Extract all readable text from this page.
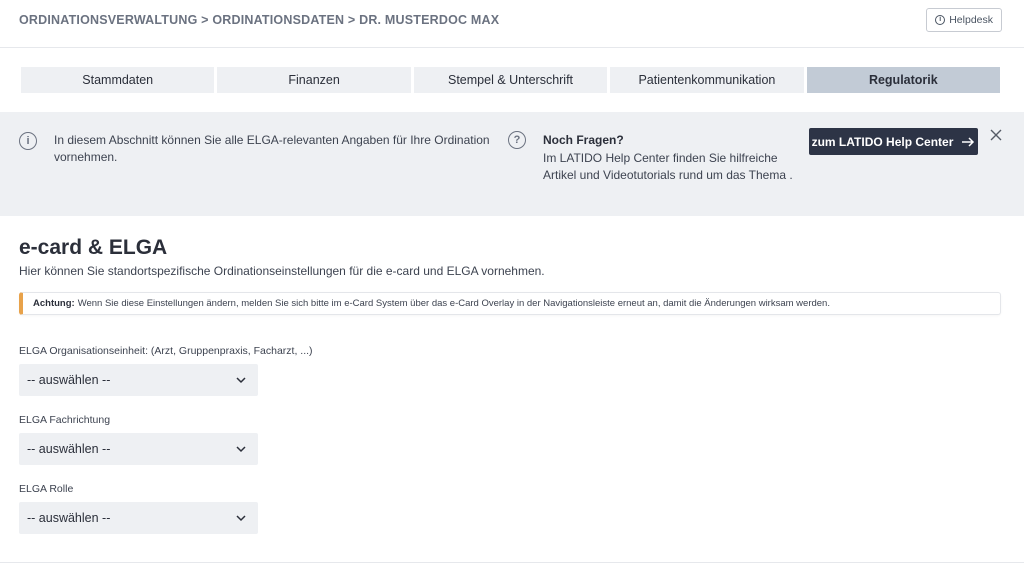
ORDINATIONSVERWALTUNG > ORDINATIONSDATEN > DR. MUSTERDOC MAX	i Helpdesk
Stammdaten	Finanzen	Stempel & Unterschrift	Patientenkommunikation	Regulatorik
i	In diesem Abschnitt können Sie alle ELGA-relevanten Angaben für Ihre Ordination vornehmen.
?	Noch Fragen?
Im LATIDO Help Center finden Sie hilfreiche Artikel und Videotutorials rund um das Thema .
zum LATIDO Help Center
e-card & ELGA
Hier können Sie standortspezifische Ordinationseinstellungen für die e-card und ELGA vornehmen.
Achtung: Wenn Sie diese Einstellungen ändern, melden Sie sich bitte im e-Card System über das e-Card Overlay in der Navigationsleiste erneut an, damit die Änderungen wirksam werden.
ELGA Organisationseinheit: (Arzt, Gruppenpraxis, Facharzt, ...)
-- auswählen --
ELGA Fachrichtung
-- auswählen --
ELGA Rolle
-- auswählen --
